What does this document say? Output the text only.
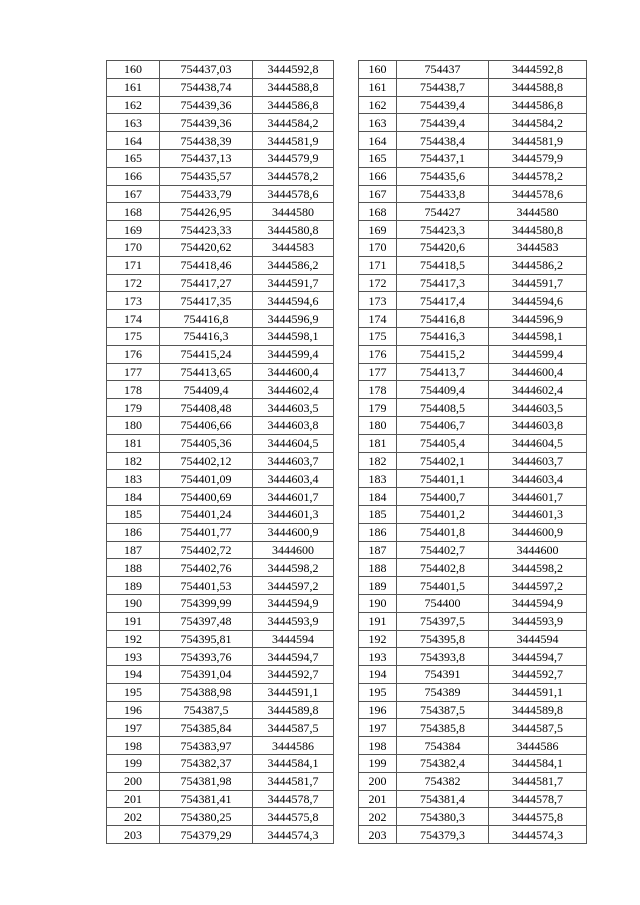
160	754437,03	3444592,8
161	754438,74	3444588,8
162	754439,36	3444586,8
163	754439,36	3444584,2
164	754438,39	3444581,9
165	754437,13	3444579,9
166	754435,57	3444578,2
167	754433,79	3444578,6
168	754426,95	3444580
169	754423,33	3444580,8
170	754420,62	3444583
171	754418,46	3444586,2
172	754417,27	3444591,7
173	754417,35	3444594,6
174	754416,8	3444596,9
175	754416,3	3444598,1
176	754415,24	3444599,4
177	754413,65	3444600,4
178	754409,4	3444602,4
179	754408,48	3444603,5
180	754406,66	3444603,8
181	754405,36	3444604,5
182	754402,12	3444603,7
183	754401,09	3444603,4
184	754400,69	3444601,7
185	754401,24	3444601,3
186	754401,77	3444600,9
187	754402,72	3444600
188	754402,76	3444598,2
189	754401,53	3444597,2
190	754399,99	3444594,9
191	754397,48	3444593,9
192	754395,81	3444594
193	754393,76	3444594,7
194	754391,04	3444592,7
195	754388,98	3444591,1
196	754387,5	3444589,8
197	754385,84	3444587,5
198	754383,97	3444586
199	754382,37	3444584,1
200	754381,98	3444581,7
201	754381,41	3444578,7
202	754380,25	3444575,8
203	754379,29	3444574,3
160	754437	3444592,8
161	754438,7	3444588,8
162	754439,4	3444586,8
163	754439,4	3444584,2
164	754438,4	3444581,9
165	754437,1	3444579,9
166	754435,6	3444578,2
167	754433,8	3444578,6
168	754427	3444580
169	754423,3	3444580,8
170	754420,6	3444583
171	754418,5	3444586,2
172	754417,3	3444591,7
173	754417,4	3444594,6
174	754416,8	3444596,9
175	754416,3	3444598,1
176	754415,2	3444599,4
177	754413,7	3444600,4
178	754409,4	3444602,4
179	754408,5	3444603,5
180	754406,7	3444603,8
181	754405,4	3444604,5
182	754402,1	3444603,7
183	754401,1	3444603,4
184	754400,7	3444601,7
185	754401,2	3444601,3
186	754401,8	3444600,9
187	754402,7	3444600
188	754402,8	3444598,2
189	754401,5	3444597,2
190	754400	3444594,9
191	754397,5	3444593,9
192	754395,8	3444594
193	754393,8	3444594,7
194	754391	3444592,7
195	754389	3444591,1
196	754387,5	3444589,8
197	754385,8	3444587,5
198	754384	3444586
199	754382,4	3444584,1
200	754382	3444581,7
201	754381,4	3444578,7
202	754380,3	3444575,8
203	754379,3	3444574,3
